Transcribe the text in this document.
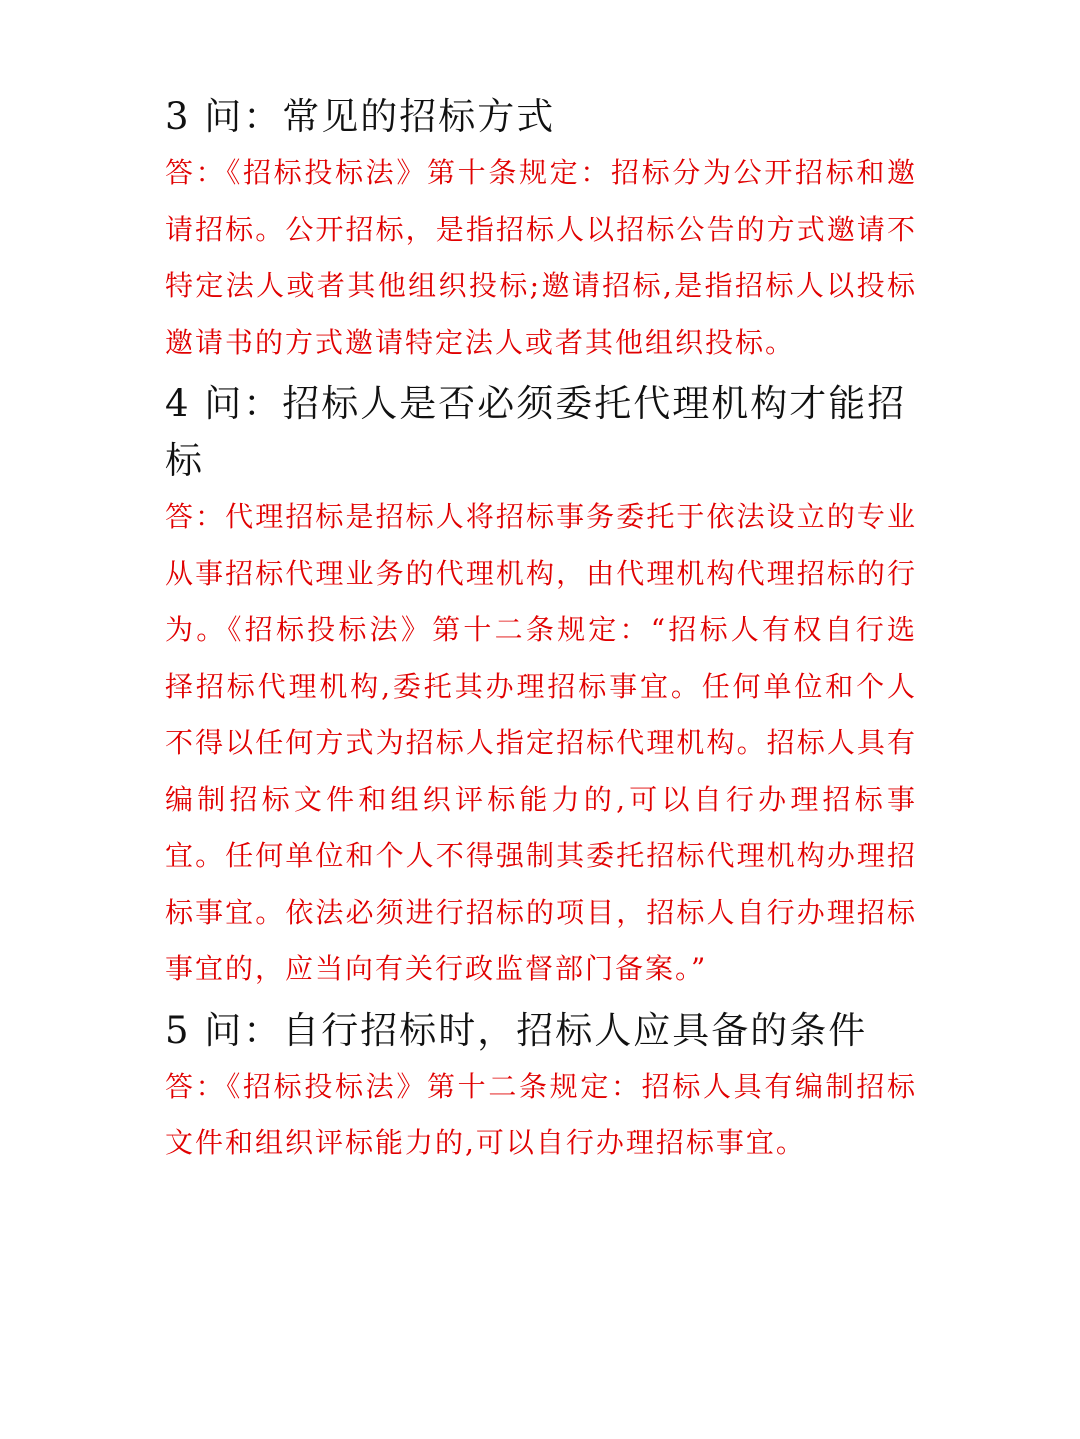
3 问：常见的招标方式

答：《招标投标法》第十条规定：招标分为公开招标和邀请招标。公开招标，是指招标人以招标公告的方式邀请不特定法人或者其他组织投标;邀请招标,是指招标人以投标邀请书的方式邀请特定法人或者其他组织投标。

4 问：招标人是否必须委托代理机构才能招标

答：代理招标是招标人将招标事务委托于依法设立的专业从事招标代理业务的代理机构，由代理机构代理招标的行为。《招标投标法》第十二条规定：“招标人有权自行选择招标代理机构,委托其办理招标事宜。任何单位和个人不得以任何方式为招标人指定招标代理机构。招标人具有编制招标文件和组织评标能力的,可以自行办理招标事宜。任何单位和个人不得强制其委托招标代理机构办理招标事宜。依法必须进行招标的项目，招标人自行办理招标事宜的，应当向有关行政监督部门备案。”

5 问：自行招标时，招标人应具备的条件

答：《招标投标法》第十二条规定：招标人具有编制招标文件和组织评标能力的,可以自行办理招标事宜。
